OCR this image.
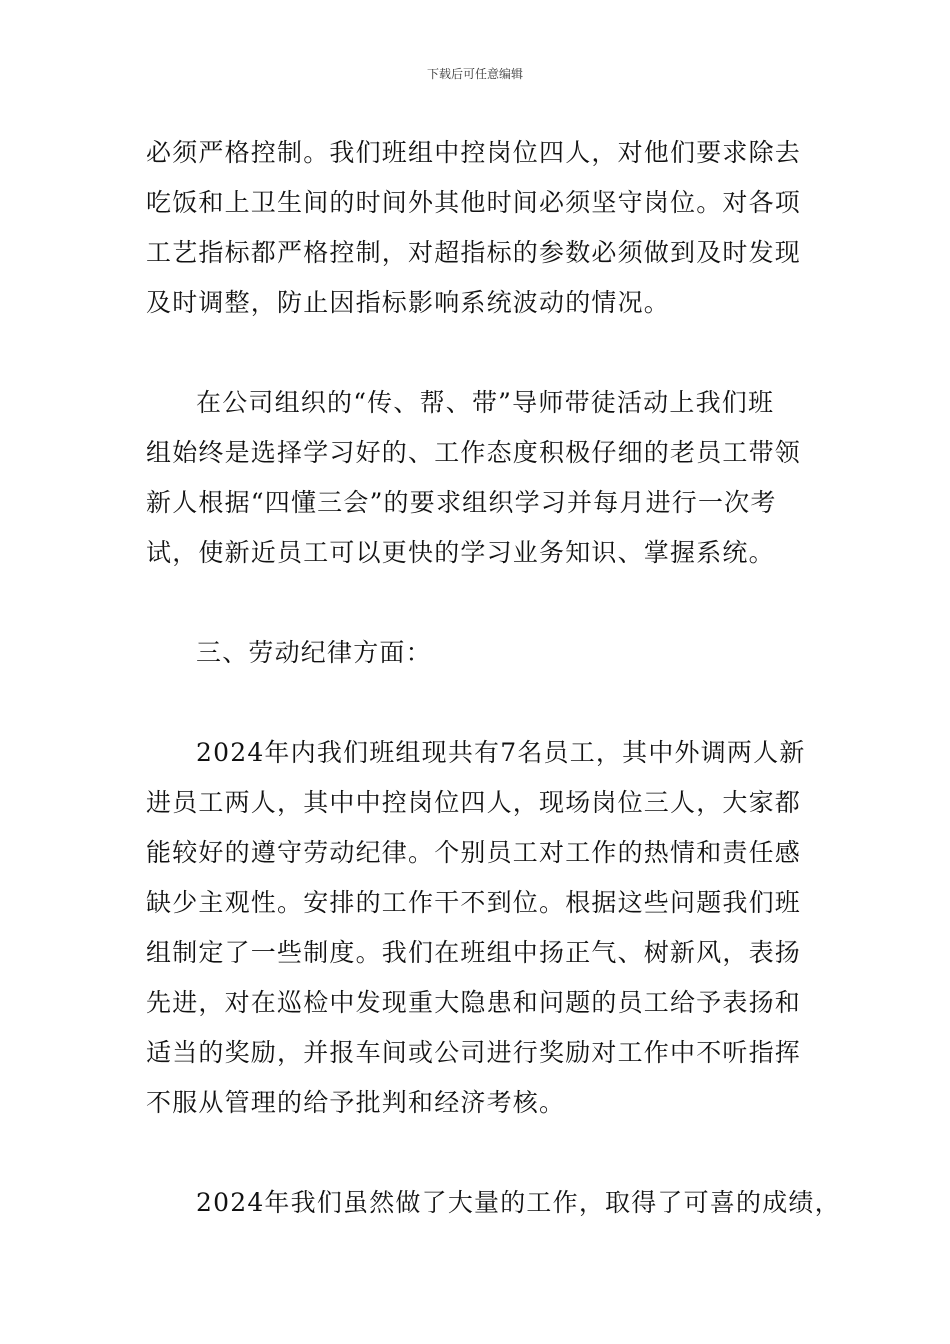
下载后可任意编辑
必须严格控制。我们班组中控岗位四人，对他们要求除去
吃饭和上卫生间的时间外其他时间必须坚守岗位。对各项
工艺指标都严格控制，对超指标的参数必须做到及时发现
及时调整，防止因指标影响系统波动的情况。
在公司组织的“传、帮、带”导师带徒活动上我们班
组始终是选择学习好的、工作态度积极仔细的老员工带领
新人根据“四懂三会”的要求组织学习并每月进行一次考
试，使新近员工可以更快的学习业务知识、掌握系统。
三、劳动纪律方面：
2024年内我们班组现共有7名员工，其中外调两人新
进员工两人，其中中控岗位四人，现场岗位三人，大家都
能较好的遵守劳动纪律。个别员工对工作的热情和责任感
缺少主观性。安排的工作干不到位。根据这些问题我们班
组制定了一些制度。我们在班组中扬正气、树新风，表扬
先进，对在巡检中发现重大隐患和问题的员工给予表扬和
适当的奖励，并报车间或公司进行奖励对工作中不听指挥
不服从管理的给予批判和经济考核。
2024年我们虽然做了大量的工作，取得了可喜的成绩，
